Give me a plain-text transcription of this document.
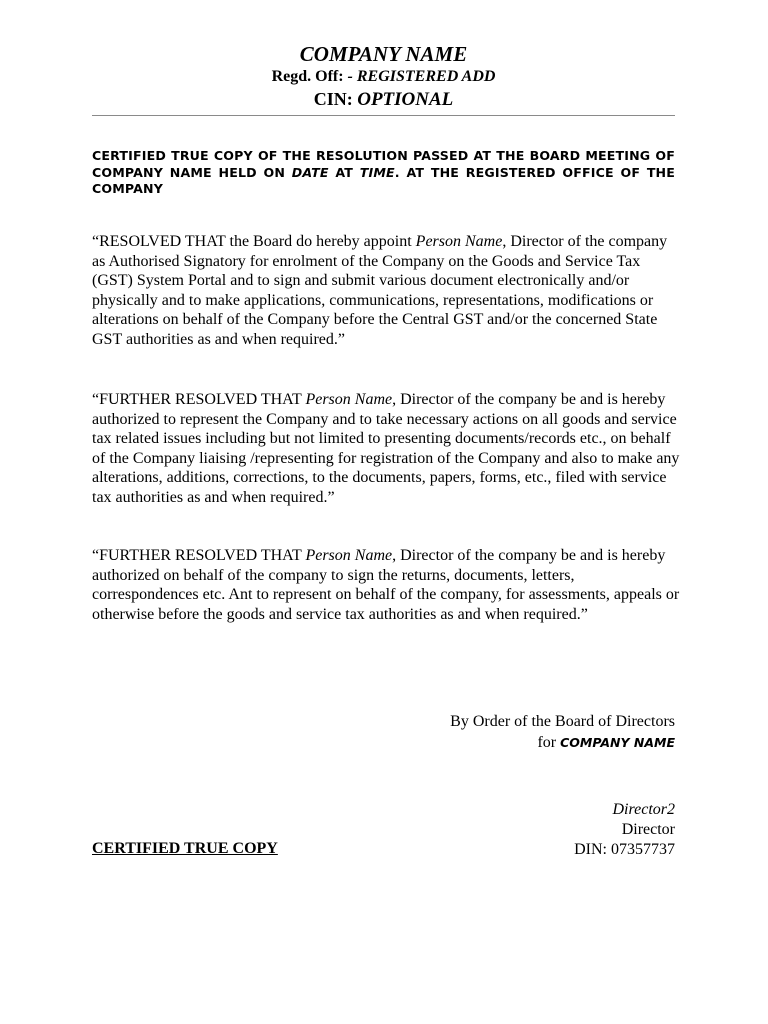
COMPANY NAME

Regd. Off: - REGISTERED ADD

CIN: OPTIONAL

CERTIFIED TRUE COPY OF THE RESOLUTION PASSED AT THE BOARD MEETING OF COMPANY NAME HELD ON DATE AT TIME. AT THE REGISTERED OFFICE OF THE COMPANY

“RESOLVED THAT the Board do hereby appoint Person Name, Director of the company as Authorised Signatory for enrolment of the Company on the Goods and Service Tax (GST) System Portal and to sign and submit various document electronically and/or physically and to make applications, communications, representations, modifications or alterations on behalf of the Company before the Central GST and/or the concerned State GST authorities as and when required.”

“FURTHER RESOLVED THAT Person Name, Director of the company be and is hereby authorized to represent the Company and to take necessary actions on all goods and service tax related issues including but not limited to presenting documents/records etc., on behalf of the Company liaising /representing for registration of the Company and also to make any alterations, additions, corrections, to the documents, papers, forms, etc., filed with service tax authorities as and when required.”

“FURTHER RESOLVED THAT Person Name, Director of the company be and is hereby authorized on behalf of the company to sign the returns, documents, letters, correspondences etc. Ant to represent on behalf of the company, for assessments, appeals or otherwise before the goods and service tax authorities as and when required.”

By Order of the Board of Directors
for COMPANY NAME
Director2
Director
DIN: 07357737
CERTIFIED TRUE COPY
